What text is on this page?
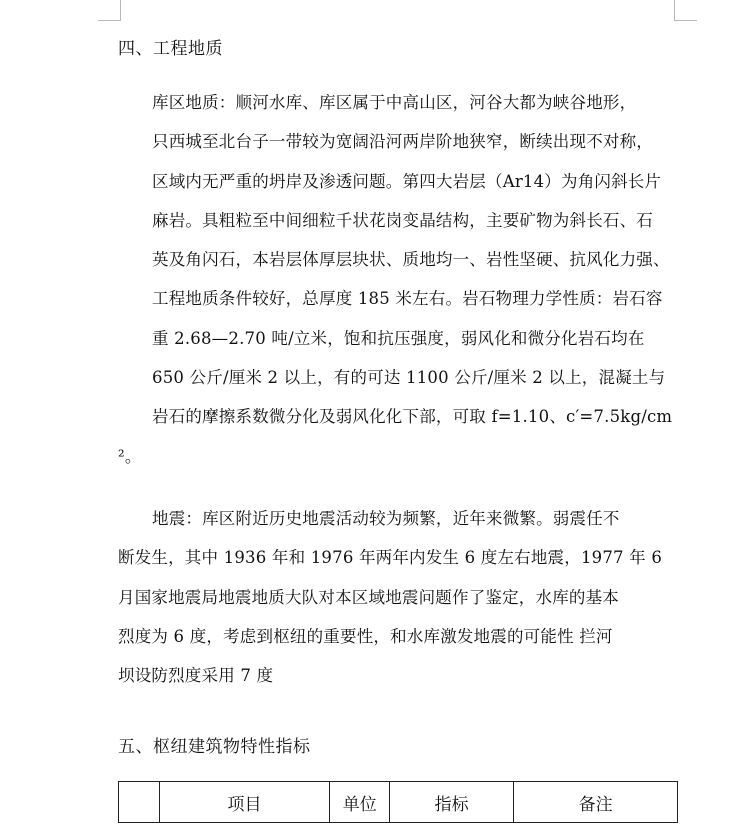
四、工程地质
库区地质：顺河水库、库区属于中高山区，河谷大都为峡谷地形，
只西城至北台子一带较为宽阔沿河两岸阶地狭窄，断续出现不对称，
区域内无严重的坍岸及渗透问题。第四大岩层（Ar14）为角闪斜长片
麻岩。具粗粒至中间细粒千状花岗变晶结构，主要矿物为斜长石、石
英及角闪石，本岩层体厚层块状、质地均一、岩性坚硬、抗风化力强、
工程地质条件较好，总厚度 185 米左右。岩石物理力学性质：岩石容
重 2.68—2.70 吨/立米，饱和抗压强度，弱风化和微分化岩石均在
650 公斤/厘米 2 以上，有的可达 1100 公斤/厘米 2 以上，混凝土与
岩石的摩擦系数微分化及弱风化化下部，可取 f=1.10、c′=7.5kg/cm
²。
地震：库区附近历史地震活动较为频繁，近年来微繁。弱震任不
断发生，其中 1936 年和 1976 年两年内发生 6 度左右地震，1977 年 6
月国家地震局地震地质大队对本区域地震问题作了鉴定，水库的基本
烈度为 6 度，考虑到枢纽的重要性，和水库激发地震的可能性 拦河
坝设防烈度采用 7 度
五、枢纽建筑物特性指标
	项目	单位	指标	备注
